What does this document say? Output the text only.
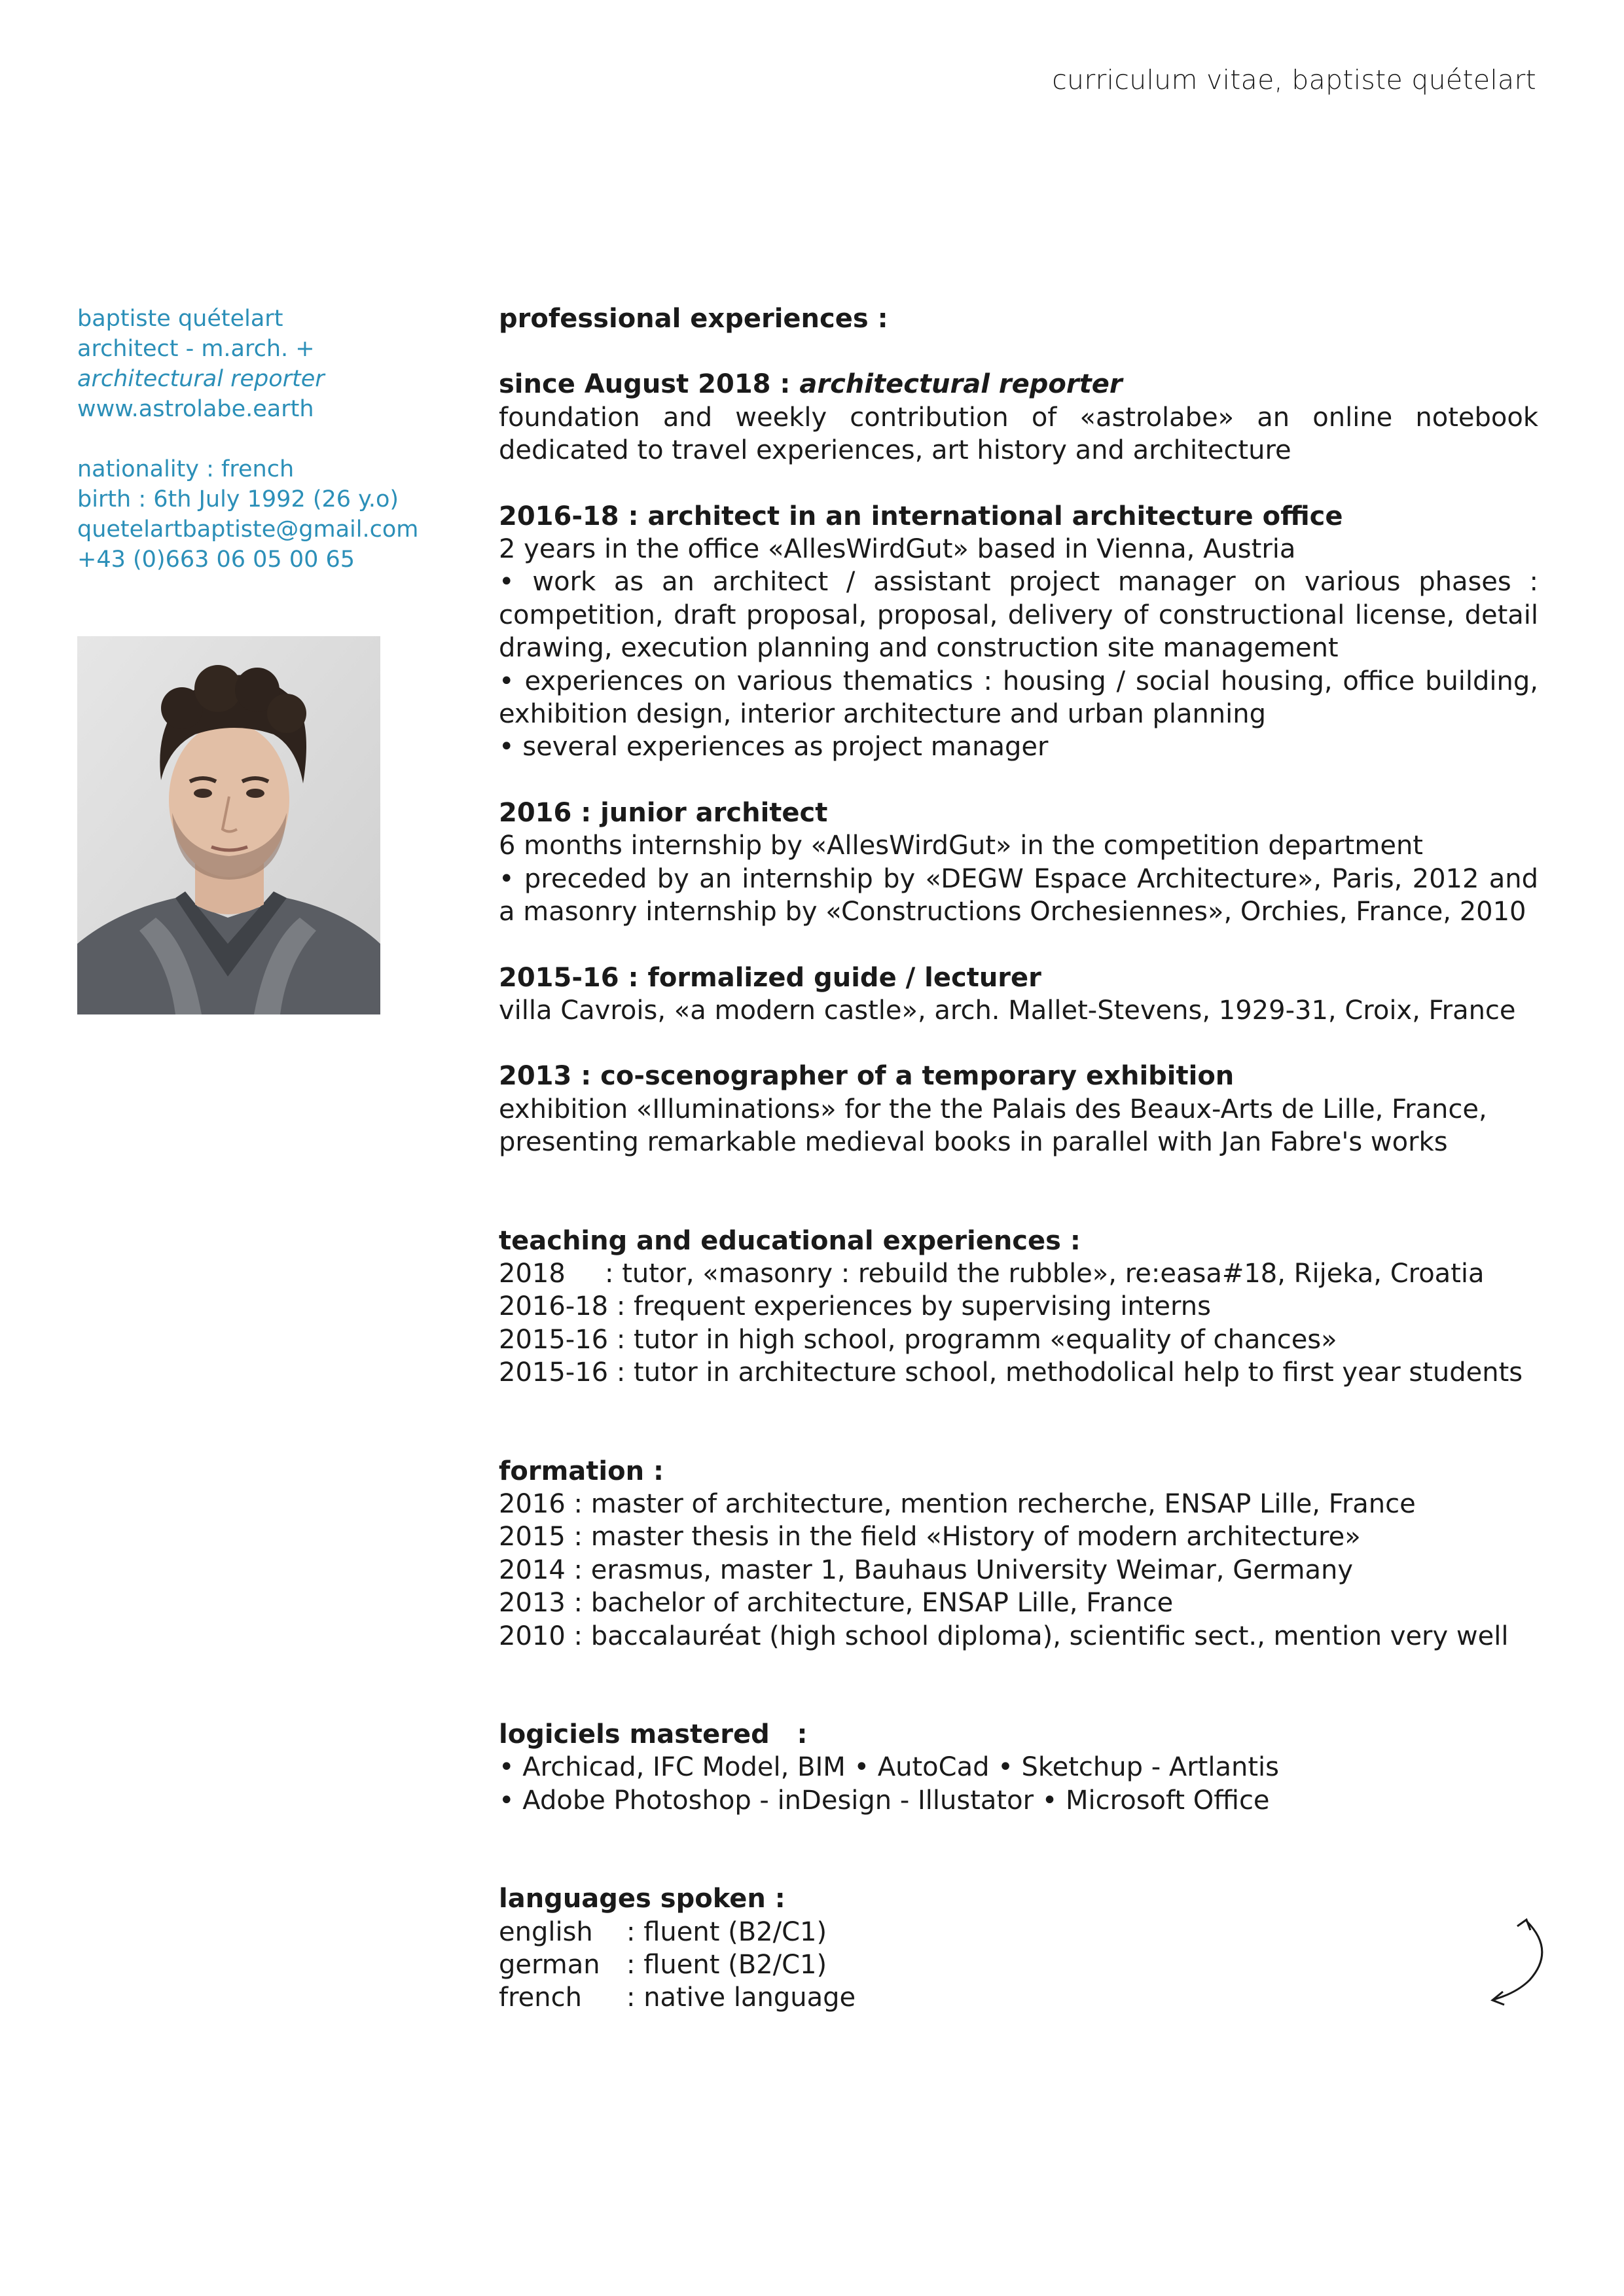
curriculum vitae, baptiste quételart
baptiste quételart
architect - m.arch. +
architectural reporter
www.astrolabe.earth
nationality : french
birth : 6th July 1992 (26 y.o)
quetelartbaptiste@gmail.com
+43 (0)663 06 05 00 65
professional experiences :
since August 2018 : architectural reporter
foundation and weekly contribution of «astrolabe» an online notebook dedicated to travel experiences, art history and architecture
2016-18 : architect in an international architecture office
2 years in the office «AllesWirdGut» based in Vienna, Austria
• work as an architect / assistant project manager on various phases : competition, draft proposal, proposal, delivery of constructional license, detail drawing, execution planning and construction site management
• experiences on various thematics : housing / social housing, office building, exhibition design, interior architecture and urban planning
• several experiences as project manager
2016 : junior architect
6 months internship by «AllesWirdGut» in the competition department
• preceded by an internship by «DEGW Espace Architecture», Paris, 2012 and a masonry internship by «Constructions Orchesiennes», Orchies, France, 2010
2015-16 : formalized guide / lecturer
villa Cavrois, «a modern castle», arch. Mallet-Stevens, 1929-31, Croix, France
2013 : co-scenographer of a temporary exhibition
exhibition «Illuminations» for the the Palais des Beaux-Arts de Lille, France, presenting remarkable medieval books in parallel with Jan Fabre's works
teaching and educational experiences :
2018 : tutor, «masonry : rebuild the rubble», re:easa#18, Rijeka, Croatia
2016-18 : frequent experiences by supervising interns
2015-16 : tutor in high school, programm «equality of chances»
2015-16 : tutor in architecture school, methodolical help to first year students
formation :
2016 : master of architecture, mention recherche, ENSAP Lille, France
2015 : master thesis in the field «History of modern architecture»
2014 : erasmus, master 1, Bauhaus University Weimar, Germany
2013 : bachelor of architecture, ENSAP Lille, France
2010 : baccalauréat (high school diploma), scientific sect., mention very well
logiciels mastered   :
• Archicad, IFC Model, BIM • AutoCad • Sketchup - Artlantis
• Adobe Photoshop - inDesign - Illustator • Microsoft Office
languages spoken :
english : fluent (B2/C1)
german : fluent (B2/C1)
french : native language
